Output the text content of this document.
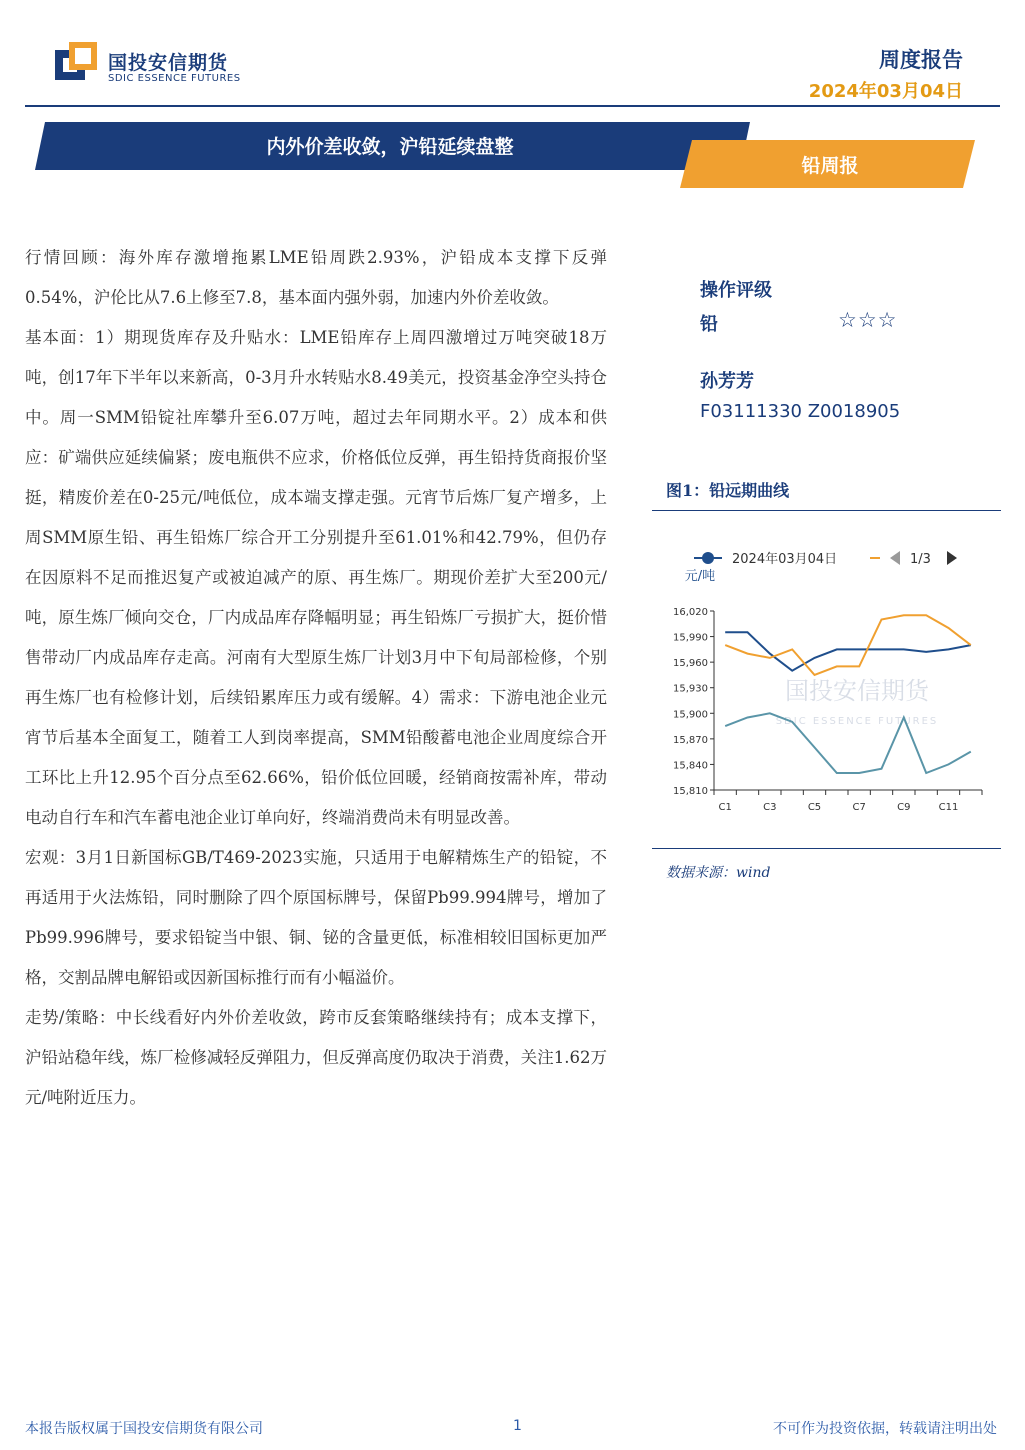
国投安信期货
SDIC ESSENCE FUTURES
周度报告
2024年03月04日
内外价差收敛，沪铅延续盘整
铅周报

行情回顾：海外库存激增拖累LME铅周跌2.93%，沪铅成本支撑下反弹0.54%，沪伦比从7.6上修至7.8，基本面内强外弱，加速内外价差收敛。

基本面：1）期现货库存及升贴水：LME铅库存上周四激增过万吨突破18万吨，创17年下半年以来新高，0-3月升水转贴水8.49美元，投资基金净空头持仓中。周一SMM铅锭社库攀升至6.07万吨，超过去年同期水平。2）成本和供应：矿端供应延续偏紧；废电瓶供不应求，价格低位反弹，再生铅持货商报价坚挺，精废价差在0-25元/吨低位，成本端支撑走强。元宵节后炼厂复产增多，上周SMM原生铅、再生铅炼厂综合开工分别提升至61.01%和42.79%，但仍存在因原料不足而推迟复产或被迫减产的原、再生炼厂。期现价差扩大至200元/吨，原生炼厂倾向交仓，厂内成品库存降幅明显；再生铅炼厂亏损扩大，挺价惜售带动厂内成品库存走高。河南有大型原生炼厂计划3月中下旬局部检修，个别再生炼厂也有检修计划，后续铅累库压力或有缓解。4）需求：下游电池企业元宵节后基本全面复工，随着工人到岗率提高，SMM铅酸蓄电池企业周度综合开工环比上升12.95个百分点至62.66%，铅价低位回暖，经销商按需补库，带动电动自行车和汽车蓄电池企业订单向好，终端消费尚未有明显改善。

宏观：3月1日新国标GB/T469-2023实施，只适用于电解精炼生产的铅锭，不再适用于火法炼铅，同时删除了四个原国标牌号，保留Pb99.994牌号，增加了Pb99.996牌号，要求铅锭当中银、铜、铋的含量更低，标准相较旧国标更加严格，交割品牌电解铅或因新国标推行而有小幅溢价。

走势/策略：中长线看好内外价差收敛，跨市反套策略继续持有；成本支撑下，沪铅站稳年线，炼厂检修减轻反弹阻力，但反弹高度仍取决于消费，关注1.62万元/吨附近压力。

操作评级
铅	☆☆☆
孙芳芳
F03111330 Z0018905
图1：铅远期曲线
2024年03月04日	1/3
元/吨
国投安信期货
SDIC ESSENCE FUTURES
15,810
15,840
15,870
15,900
15,930
15,960
15,990
16,020
C1	C3	C5	C7	C9	C11
数据来源：wind
本报告版权属于国投安信期货有限公司	1	不可作为投资依据，转载请注明出处
